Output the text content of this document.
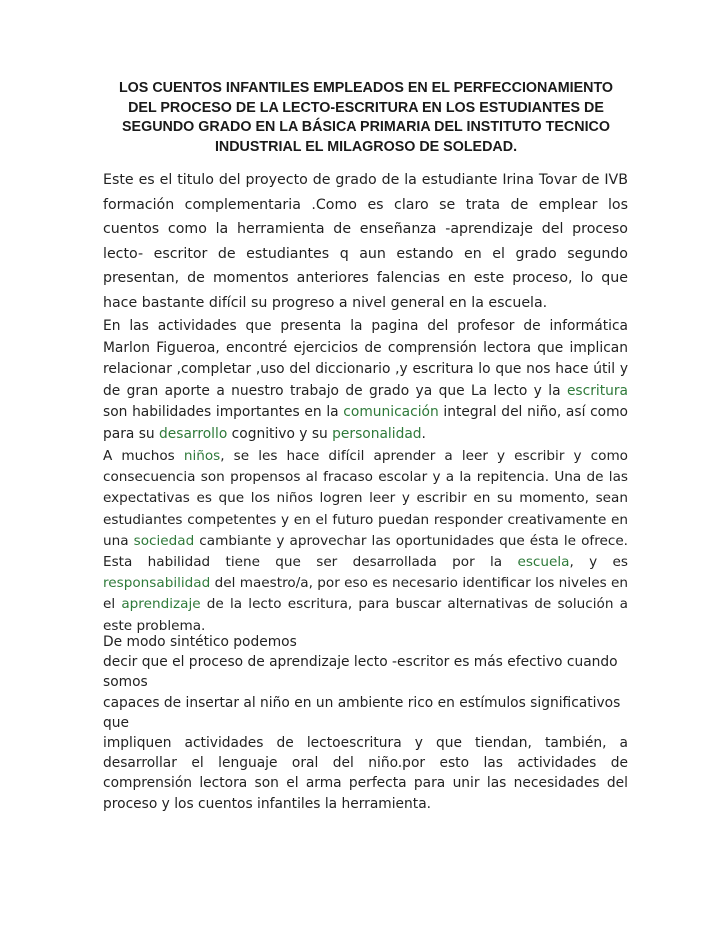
LOS CUENTOS INFANTILES EMPLEADOS EN EL PERFECCIONAMIENTO
DEL PROCESO DE LA LECTO-ESCRITURA EN LOS ESTUDIANTES DE
SEGUNDO GRADO EN LA BÁSICA PRIMARIA DEL INSTITUTO TECNICO
INDUSTRIAL EL MILAGROSO DE SOLEDAD.
Este es el titulo del proyecto de grado de la estudiante Irina Tovar de IVB formación complementaria .Como es claro se trata de emplear los cuentos como la herramienta de enseñanza -aprendizaje del proceso lecto- escritor de estudiantes q aun estando en el grado segundo presentan, de momentos anteriores falencias en este proceso, lo que hace bastante difícil su progreso a nivel general en la escuela.
En las actividades que presenta la pagina del profesor de informática Marlon Figueroa, encontré ejercicios de comprensión lectora que implican relacionar ,completar ,uso del diccionario ,y escritura lo que nos hace útil y de gran aporte a nuestro trabajo de grado ya que La lecto y la escritura son habilidades importantes en la comunicación integral del niño, así como para su desarrollo cognitivo y su personalidad.
A muchos niños, se les hace difícil aprender a leer y escribir y como consecuencia son propensos al fracaso escolar y a la repitencia. Una de las expectativas es que los niños logren leer y escribir en su momento, sean estudiantes competentes y en el futuro puedan responder creativamente en una sociedad cambiante y aprovechar las oportunidades que ésta le ofrece. Esta habilidad tiene que ser desarrollada por la escuela, y es responsabilidad del maestro/a, por eso es necesario identificar los niveles en el aprendizaje de la lecto escritura, para buscar alternativas de solución a este problema.
De modo sintético podemos
decir que el proceso de aprendizaje lecto -escritor es más efectivo cuando
somos
capaces de insertar al niño en un ambiente rico en estímulos significativos
que
impliquen actividades de lectoescritura y que tiendan, también, a desarrollar el lenguaje oral del niño.por esto las actividades de comprensión lectora son el arma perfecta para unir las necesidades del proceso y los cuentos infantiles la herramienta.
